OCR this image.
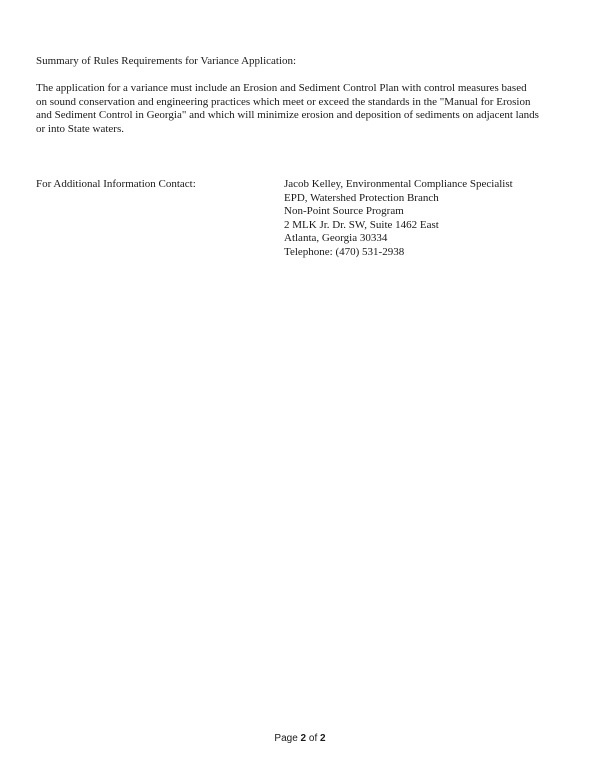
Summary of Rules Requirements for Variance Application:
The application for a variance must include an Erosion and Sediment Control Plan with control measures based
on sound conservation and engineering practices which meet or exceed the standards in the "Manual for Erosion
and Sediment Control in Georgia" and which will minimize erosion and deposition of sediments on adjacent lands
or into State waters.
For Additional Information Contact:	Jacob Kelley, Environmental Compliance Specialist
EPD, Watershed Protection Branch
Non-Point Source Program
2 MLK Jr. Dr. SW, Suite 1462 East
Atlanta, Georgia 30334
Telephone: (470) 531-2938
Page 2 of 2
